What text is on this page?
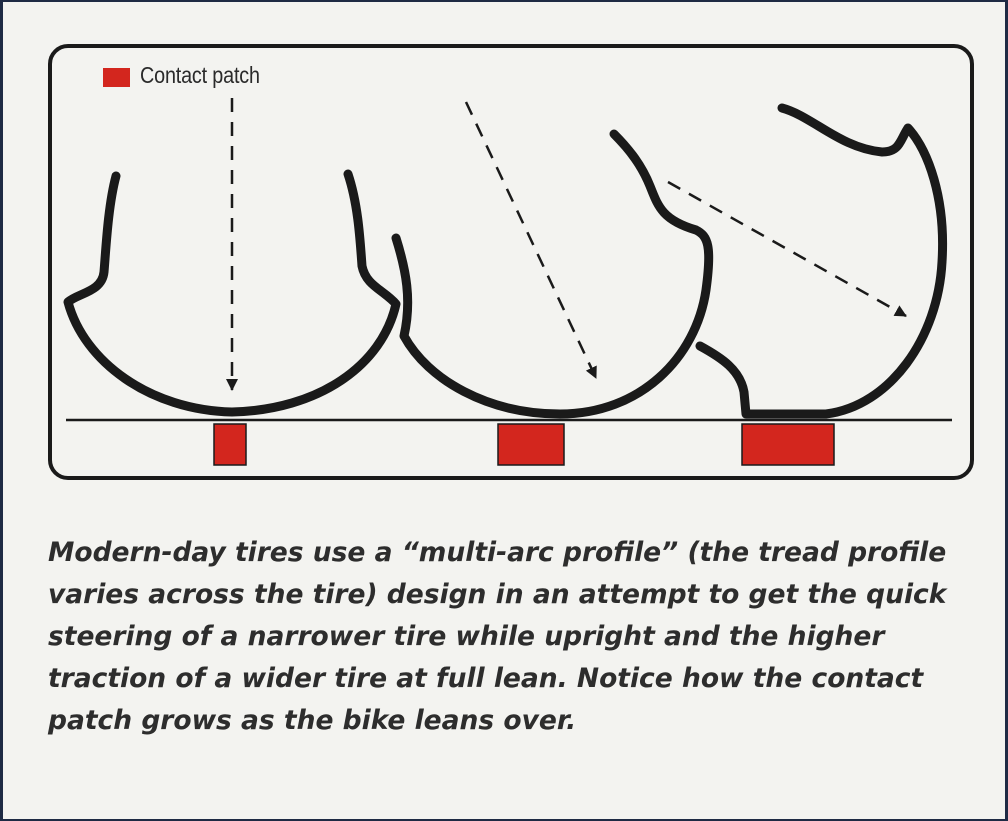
Contact patch

Modern-day tires use a “multi-arc profile” (the tread profile varies across the tire) design in an attempt to get the quick steering of a narrower tire while upright and the higher traction of a wider tire at full lean. Notice how the contact patch grows as the bike leans over.
